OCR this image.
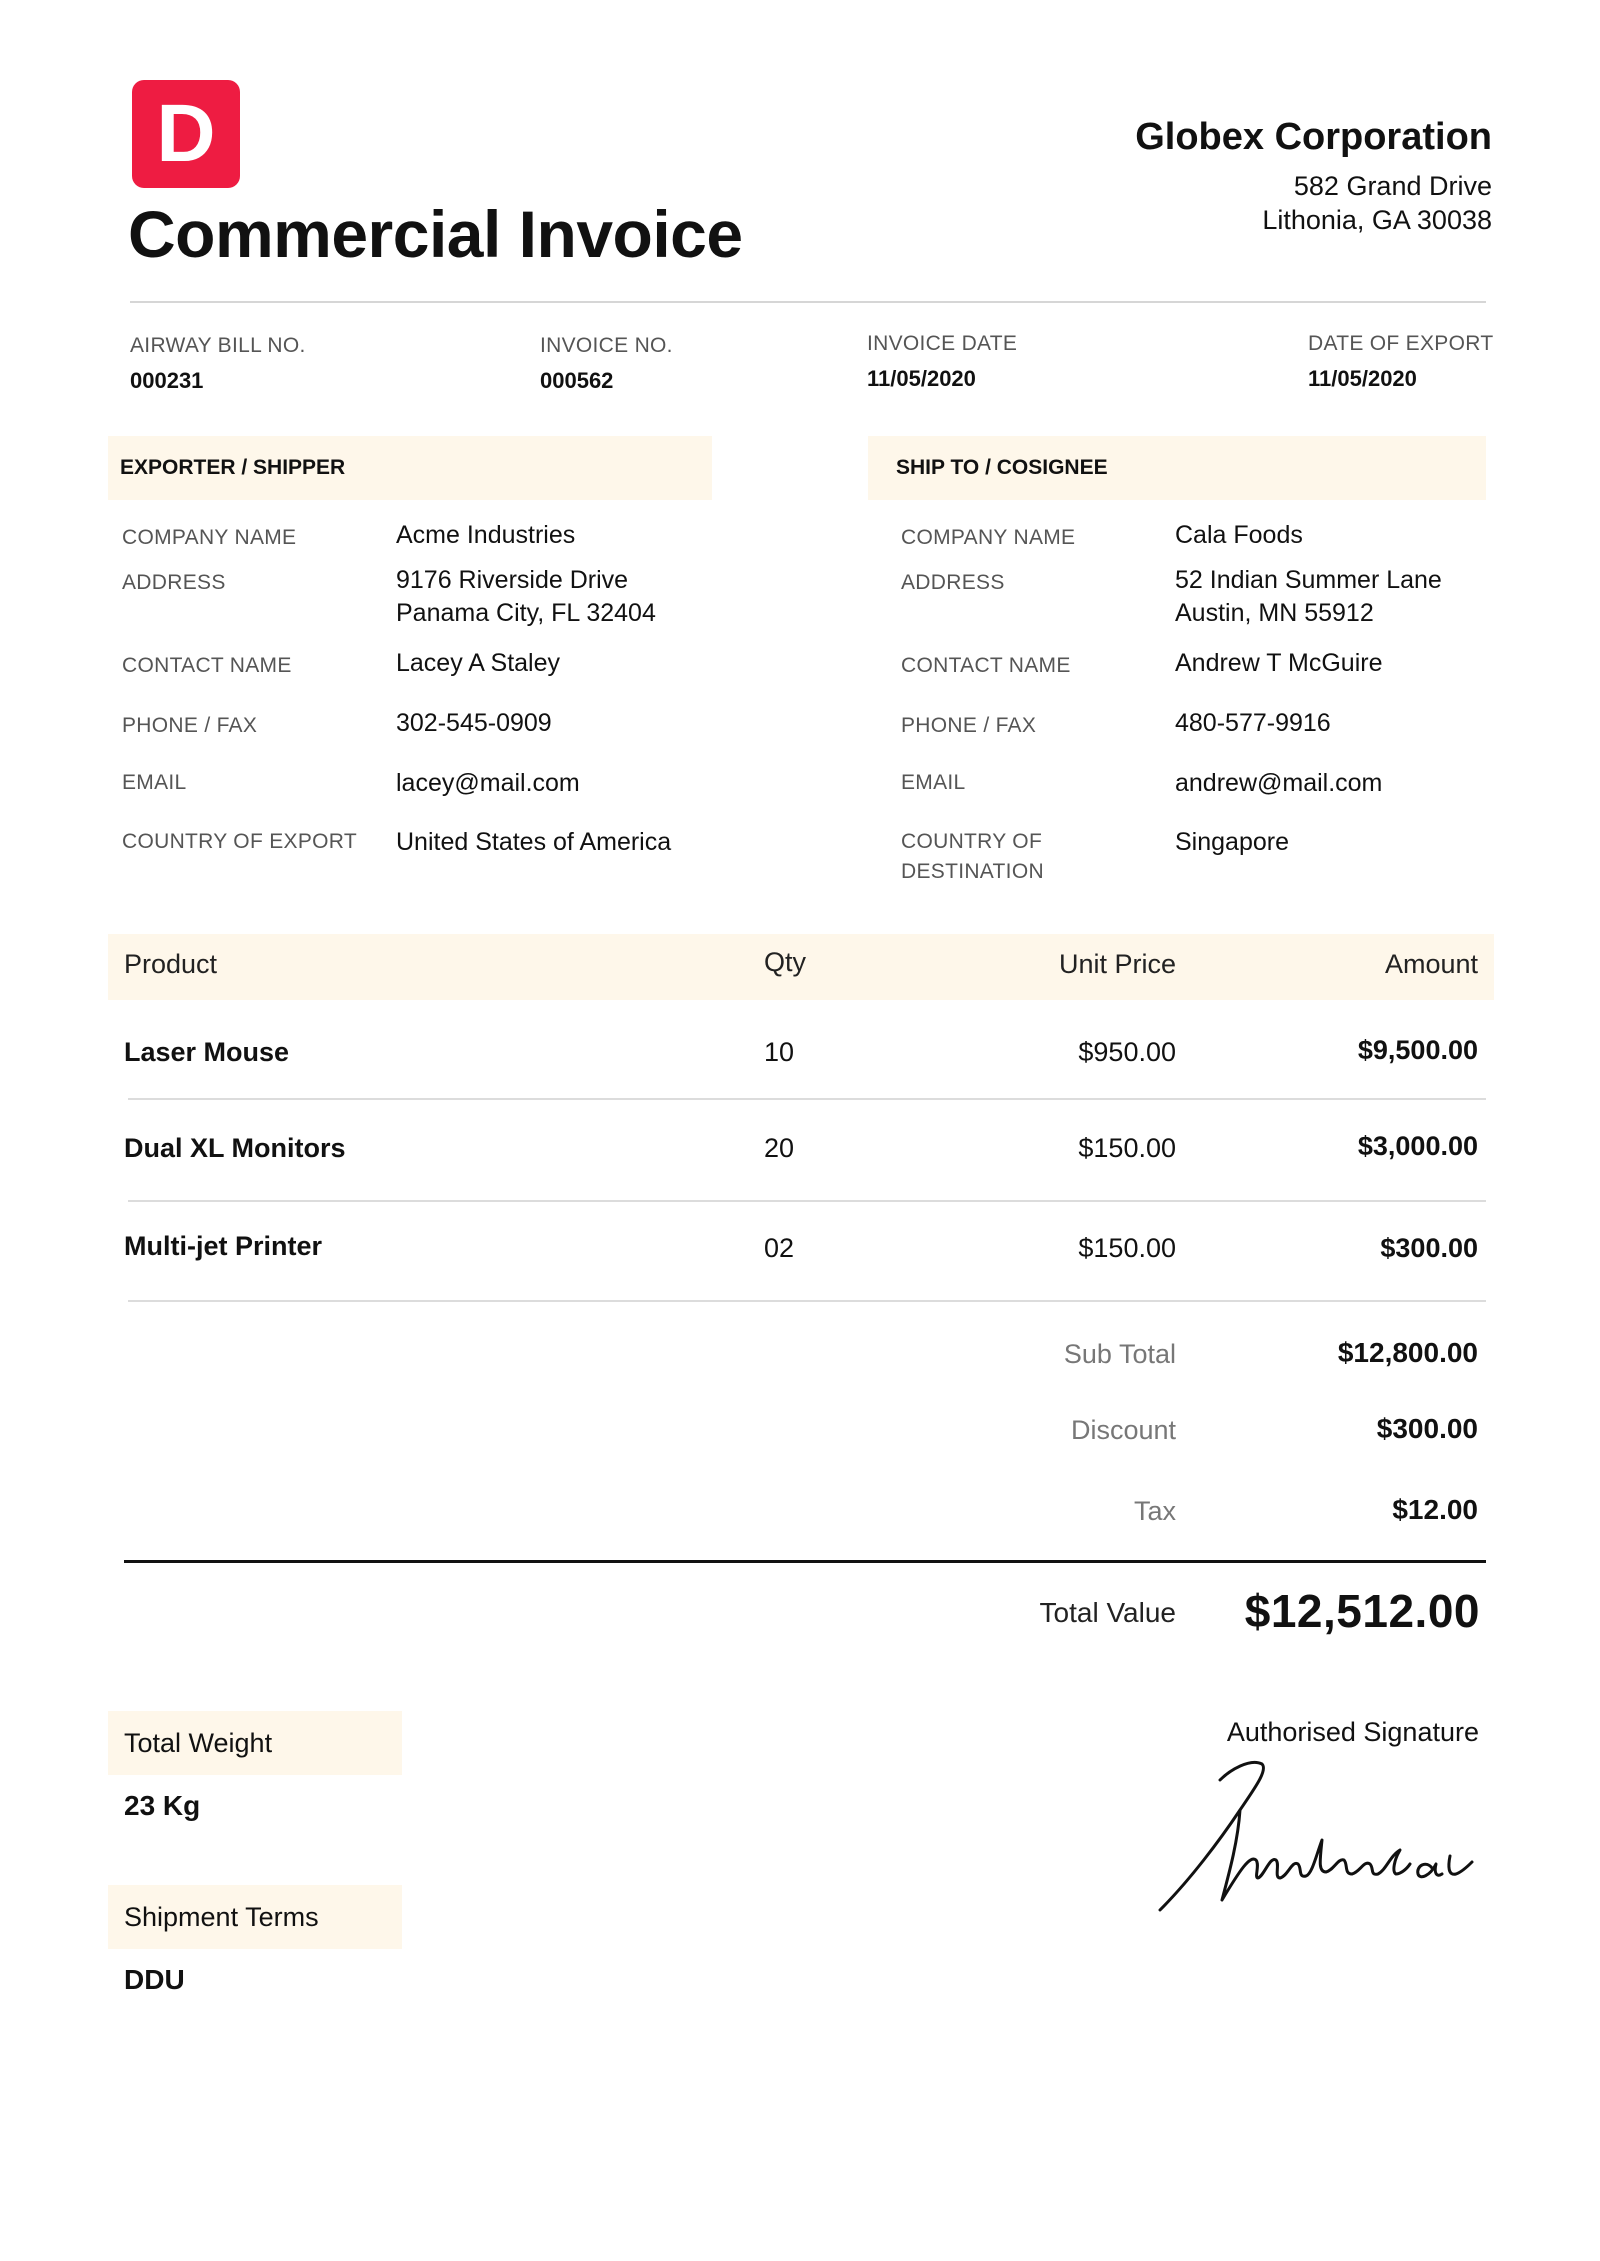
D
Commercial Invoice
Globex Corporation
582 Grand Drive
Lithonia, GA 30038
AIRWAY BILL NO.
000231
INVOICE NO.
000562
INVOICE DATE
11/05/2020
DATE OF EXPORT
11/05/2020
EXPORTER / SHIPPER
COMPANY NAME	Acme Industries
ADDRESS	9176 Riverside Drive
Panama City, FL 32404
CONTACT NAME	Lacey A Staley
PHONE / FAX	302-545-0909
EMAIL	lacey@mail.com
COUNTRY OF EXPORT United States of America
SHIP TO / COSIGNEE
COMPANY NAME	Cala Foods
ADDRESS	52 Indian Summer Lane
Austin, MN 55912
CONTACT NAME	Andrew T McGuire
PHONE / FAX	480-577-9916
EMAIL	andrew@mail.com
COUNTRY OF
DESTINATION
Singapore
Product	Qty	Unit Price	Amount
Laser Mouse	10	$950.00	$9,500.00
Dual XL Monitors	20	$150.00	$3,000.00
Multi-jet Printer	02	$150.00	$300.00
Sub Total	$12,800.00
Discount	$300.00
Tax	$12.00
Total Value $12,512.00
Total Weight
23 Kg
Shipment Terms
DDU
Authorised Signature
